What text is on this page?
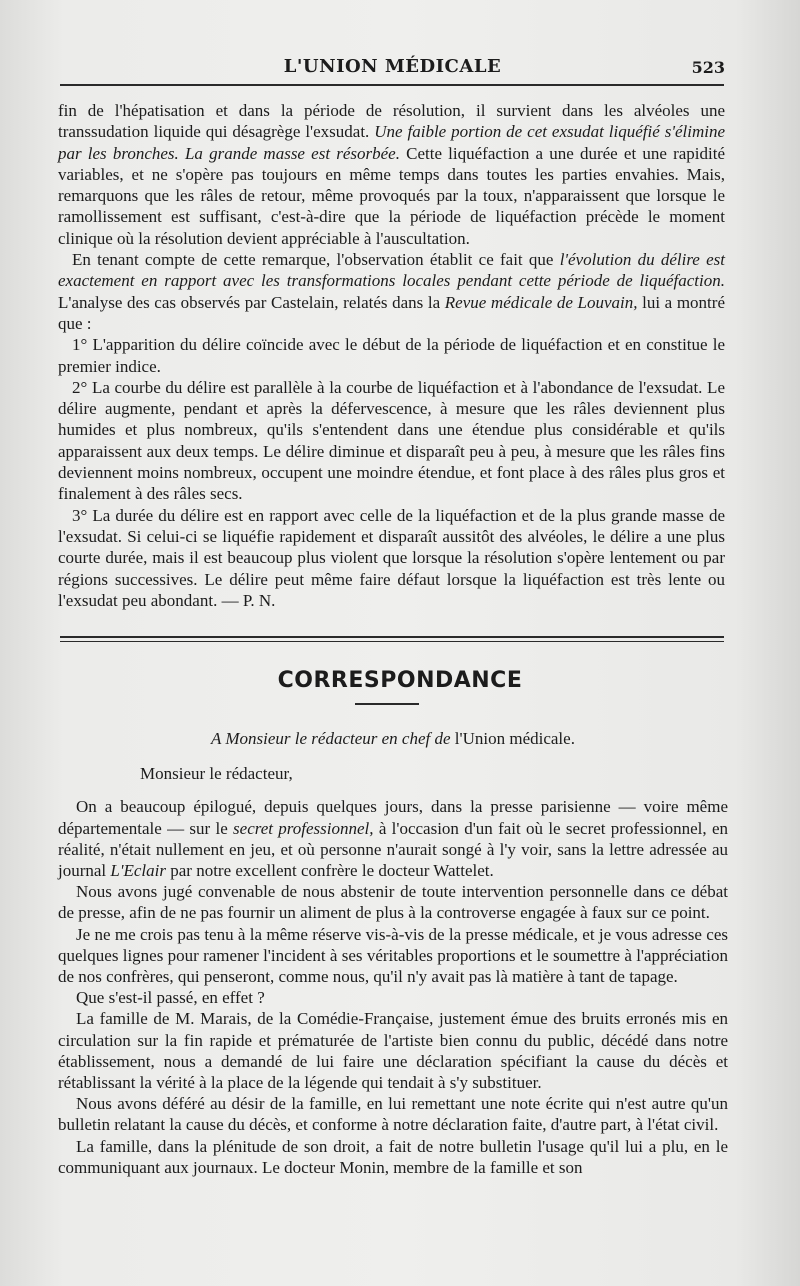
L'UNION MÉDICALE	523

fin de l'hépatisation et dans la période de résolution, il survient dans les alvéoles une transsudation liquide qui désagrège l'exsudat. Une faible portion de cet exsudat liquéfié s'élimine par les bronches. La grande masse est résorbée. Cette liquéfaction a une durée et une rapidité variables, et ne s'opère pas toujours en même temps dans toutes les parties envahies. Mais, remarquons que les râles de retour, même provoqués par la toux, n'apparaissent que lorsque le ramollissement est suffisant, c'est-à-dire que la période de liquéfaction précède le moment clinique où la résolution devient appréciable à l'auscultation.

En tenant compte de cette remarque, l'observation établit ce fait que l'évolution du délire est exactement en rapport avec les transformations locales pendant cette période de liquéfaction. L'analyse des cas observés par Castelain, relatés dans la Revue médicale de Louvain, lui a montré que :

1° L'apparition du délire coïncide avec le début de la période de liquéfaction et en constitue le premier indice.

2° La courbe du délire est parallèle à la courbe de liquéfaction et à l'abondance de l'exsudat. Le délire augmente, pendant et après la défervescence, à mesure que les râles deviennent plus humides et plus nombreux, qu'ils s'entendent dans une étendue plus considérable et qu'ils apparaissent aux deux temps. Le délire diminue et disparaît peu à peu, à mesure que les râles fins deviennent moins nombreux, occupent une moindre étendue, et font place à des râles plus gros et finalement à des râles secs.

3° La durée du délire est en rapport avec celle de la liquéfaction et de la plus grande masse de l'exsudat. Si celui-ci se liquéfie rapidement et disparaît aussitôt des alvéoles, le délire a une plus courte durée, mais il est beaucoup plus violent que lorsque la résolution s'opère lentement ou par régions successives. Le délire peut même faire défaut lorsque la liquéfaction est très lente ou l'exsudat peu abondant. — P. N.

CORRESPONDANCE

A Monsieur le rédacteur en chef de l'Union médicale.

Monsieur le rédacteur,

On a beaucoup épilogué, depuis quelques jours, dans la presse parisienne — voire même départementale — sur le secret professionnel, à l'occasion d'un fait où le secret professionnel, en réalité, n'était nullement en jeu, et où personne n'aurait songé à l'y voir, sans la lettre adressée au journal L'Eclair par notre excellent confrère le docteur Wattelet.

Nous avons jugé convenable de nous abstenir de toute intervention personnelle dans ce débat de presse, afin de ne pas fournir un aliment de plus à la controverse engagée à faux sur ce point.

Je ne me crois pas tenu à la même réserve vis-à-vis de la presse médicale, et je vous adresse ces quelques lignes pour ramener l'incident à ses véritables proportions et le soumettre à l'appréciation de nos confrères, qui penseront, comme nous, qu'il n'y avait pas là matière à tant de tapage.

Que s'est-il passé, en effet ?

La famille de M. Marais, de la Comédie-Française, justement émue des bruits erronés mis en circulation sur la fin rapide et prématurée de l'artiste bien connu du public, décédé dans notre établissement, nous a demandé de lui faire une déclaration spécifiant la cause du décès et rétablissant la vérité à la place de la légende qui tendait à s'y substituer.

Nous avons déféré au désir de la famille, en lui remettant une note écrite qui n'est autre qu'un bulletin relatant la cause du décès, et conforme à notre déclaration faite, d'autre part, à l'état civil.

La famille, dans la plénitude de son droit, a fait de notre bulletin l'usage qu'il lui a plu, en le communiquant aux journaux. Le docteur Monin, membre de la famille et son
